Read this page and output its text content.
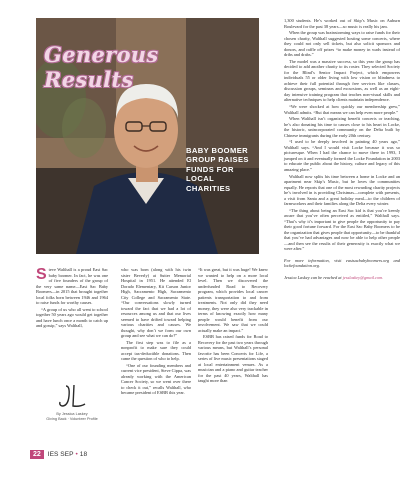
Generous Results
BABY BOOMER GROUP RAISES FUNDS FOR LOCAL CHARITIES

Steve Walthall is a proud East Sac baby boomer. In fact, he was one of five founders of the group of the very same name—East Sac Baby Boomers—in 2015 that brought together local folks born between 1946 and 1964 to raise funds for worthy causes.

“A group of us who all went to school together 50 years ago would get together and have lunch once a month to catch up and gossip,” says Walthall,

By Jessica Laskey
Giving Back · Volunteer Profile

who was born (along with his twin sister Beverly) at Sutter Memorial Hospital in 1951. He attended El Dorado Elementary, Kit Carson Junior High, Sacramento High, Sacramento City College and Sacramento State. “Our conversations slowly turned toward the fact that we had a lot of resources among us and that our lives seemed to have drifted toward helping various charities and causes. We thought, why don’t we form our own group and see what we can do?”

The first step was to file as a nonprofit to make sure they could accept tax-deductible donations. Then came the question of who to help.

“One of our founding members and current vice president, Steve Cippa, was already working with the American Cancer Society, so we went over there to check it out,” recalls Walthall, who became president of ESBB this year.

“It was great, but it was huge! We knew we wanted to help on a more local level. Then we discovered the underfunded Road to Recovery program, which provides local cancer patients transportation to and from treatments. Not only did they need money, they were also very trackable in terms of knowing exactly how many people would benefit from our involvement. We saw that we could actually make an impact.”

ESBB has raised funds for Road to Recovery for the past two years through various means, but Walthall’s personal favorite has been Concerts for Life, a series of live music presentations staged at local entertainment venues. As a musician and a piano and guitar teacher for the past 40 years, Walthall has taught more than

1,300 students. He’s worked out of Skip’s Music on Auburn Boulevard for the past 38 years—so music is really his jam.

When the group was brainstorming ways to raise funds for their chosen charity, Walthall suggested hosting some concerts, where they could not only sell tickets, but also solicit sponsors and donors, and raffle off prizes “to make money in wads instead of dribs and drabs.”

The model was a massive success, so this year the group has decided to add another charity to its roster. They selected Society for the Blind’s Senior Impact Project, which empowers individuals 55 or older living with low vision or blindness to achieve their full potential through free services like classes, discussion groups, seminars and excursions, as well as an eight-day intensive training program that teaches non-visual skills and alternative techniques to help clients maintain independence.

“We were shocked at how quickly our membership grew,” Walthall admits. “But that means we can help even more people.”

When Walthall isn’t organizing benefit concerts or teaching, he’s also donating his time to causes close to his heart in Locke, the historic, unincorporated community on the Delta built by Chinese immigrants during the early 20th century.

“I used to be deeply involved in painting 40 years ago,” Walthall says. “And I would visit Locke because it was so picturesque. When I had the chance to move there in 1993, I jumped on it and eventually formed the Locke Foundation in 2003 to educate the public about the history, culture and legacy of this amazing place.”

Walthall now splits his time between a home in Locke and an apartment near Skip’s Music, but he loves the communities equally. He reports that one of the most rewarding charity projects he’s involved in is providing Christmas—complete with presents, a visit from Santa and a great holiday meal—to the children of farmworkers and their families along the Delta every winter.

“The thing about being an East Sac kid is that you’re keenly aware that you’ve often perceived as entitled,” Walthall says. “That’s why it’s important to give people the opportunity to pay their good fortune forward. For the East Sac Baby Boomers to be the organization that gives people that opportunity—to be thankful that you’ve had advantages and now be able to help other people—and then see the results of their generosity is exactly what we were after.”

For more information, visit eastsacbabyboomers.org and lockefoundation.org.

Jessica Laskey can be reached at jesslaskey@gmail.com.

22	IES
SEP • 18
